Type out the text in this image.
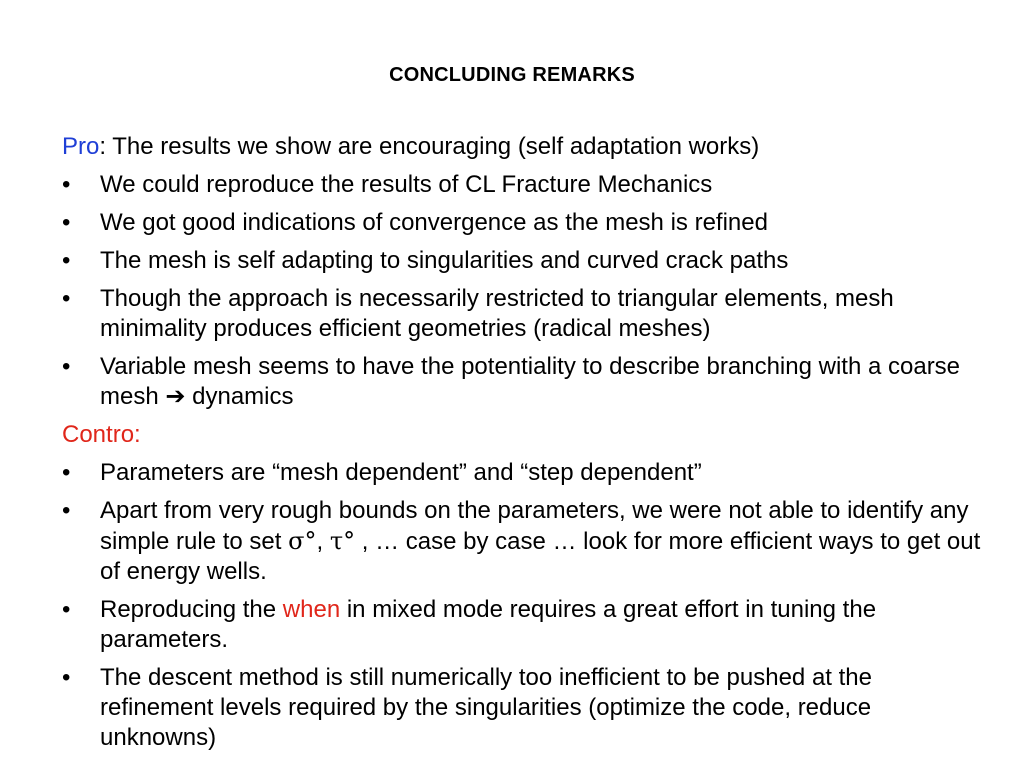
CONCLUDING REMARKS
Pro: The results we show are encouraging (self adaptation works)
• We could reproduce the results of CL Fracture Mechanics
• We got good indications of convergence as the mesh is refined
• The mesh is self adapting to singularities and curved crack paths
• Though the approach is necessarily restricted to triangular elements, mesh minimality produces efficient geometries (radical meshes)
• Variable mesh seems to have the potentiality to describe branching with a coarse mesh ➔ dynamics
Contro:
• Parameters are “mesh dependent” and “step dependent”
• Apart from very rough bounds on the parameters, we were not able to identify any simple rule to set σ°, τ° , … case by case … look for more efficient ways to get out of energy wells.
• Reproducing the when in mixed mode requires a great effort in tuning the parameters.
• The descent method is still numerically too inefficient to be pushed at the refinement levels required by the singularities (optimize the code, reduce unknowns)
